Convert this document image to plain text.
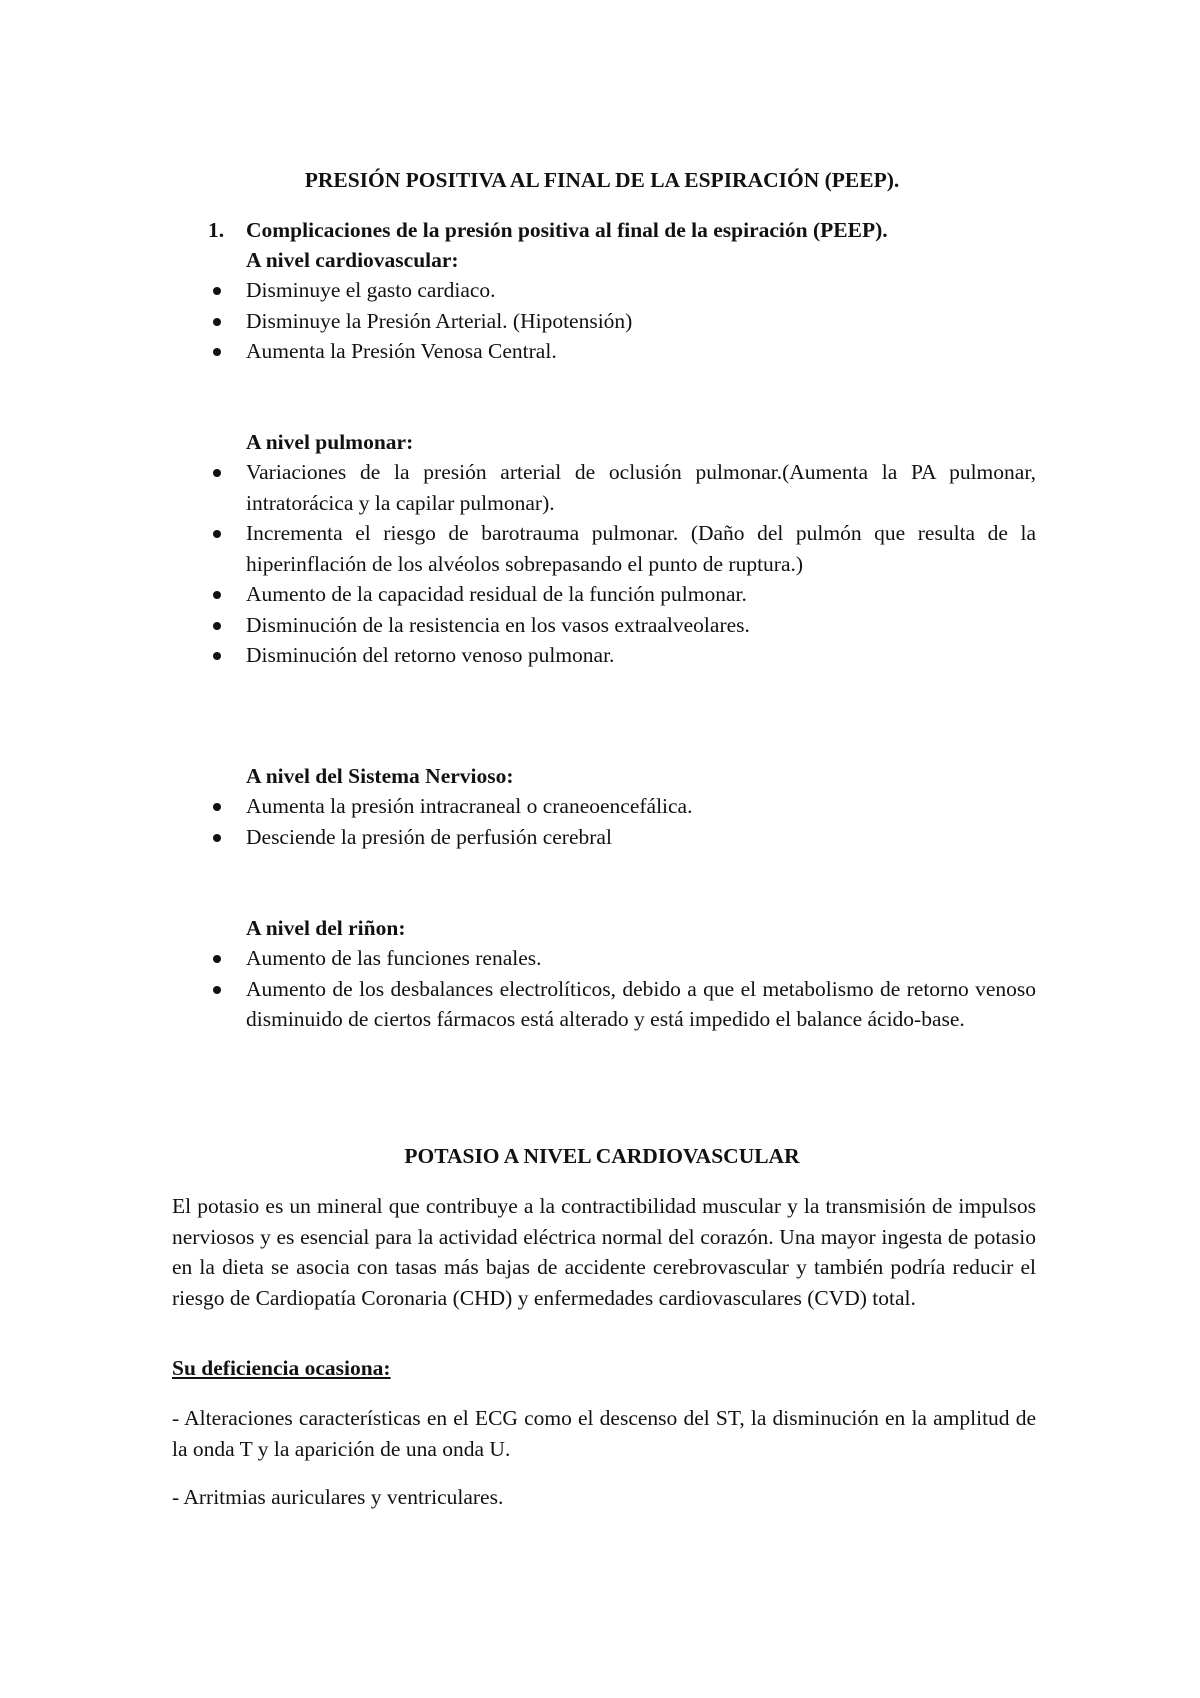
PRESIÓN POSITIVA AL FINAL DE LA ESPIRACIÓN (PEEP).
1. Complicaciones de la presión positiva al final de la espiración (PEEP).

A nivel cardiovascular:

Disminuye el gasto cardiaco.
Disminuye la Presión Arterial. (Hipotensión)
Aumenta la Presión Venosa Central.

A nivel pulmonar:

Variaciones de la presión arterial de oclusión pulmonar.(Aumenta la PA pulmonar, intratorácica y la capilar pulmonar).
Incrementa el riesgo de barotrauma pulmonar. (Daño del pulmón que resulta de la hiperinflación de los alvéolos sobrepasando el punto de ruptura.)
Aumento de la capacidad residual de la función pulmonar.
Disminución de la resistencia en los vasos extraalveolares.
Disminución del retorno venoso pulmonar.

A nivel del Sistema Nervioso:

Aumenta la presión intracraneal o craneoencefálica.
Desciende la presión de perfusión cerebral

A nivel del riñon:

Aumento de las funciones renales.
Aumento de los desbalances electrolíticos, debido a que el metabolismo de retorno venoso disminuido de ciertos fármacos está alterado y está impedido el balance ácido-base.
POTASIO A NIVEL CARDIOVASCULAR

El potasio es un mineral que contribuye a la contractibilidad muscular y la transmisión de impulsos nerviosos y es esencial para la actividad eléctrica normal del corazón. Una mayor ingesta de potasio en la dieta se asocia con tasas más bajas de accidente cerebrovascular y también podría reducir el riesgo de Cardiopatía Coronaria (CHD) y enfermedades cardiovasculares (CVD) total.

Su deficiencia ocasiona:

- Alteraciones características en el ECG como el descenso del ST, la disminución en la amplitud de la onda T y la aparición de una onda U.

- Arritmias auriculares y ventriculares.
